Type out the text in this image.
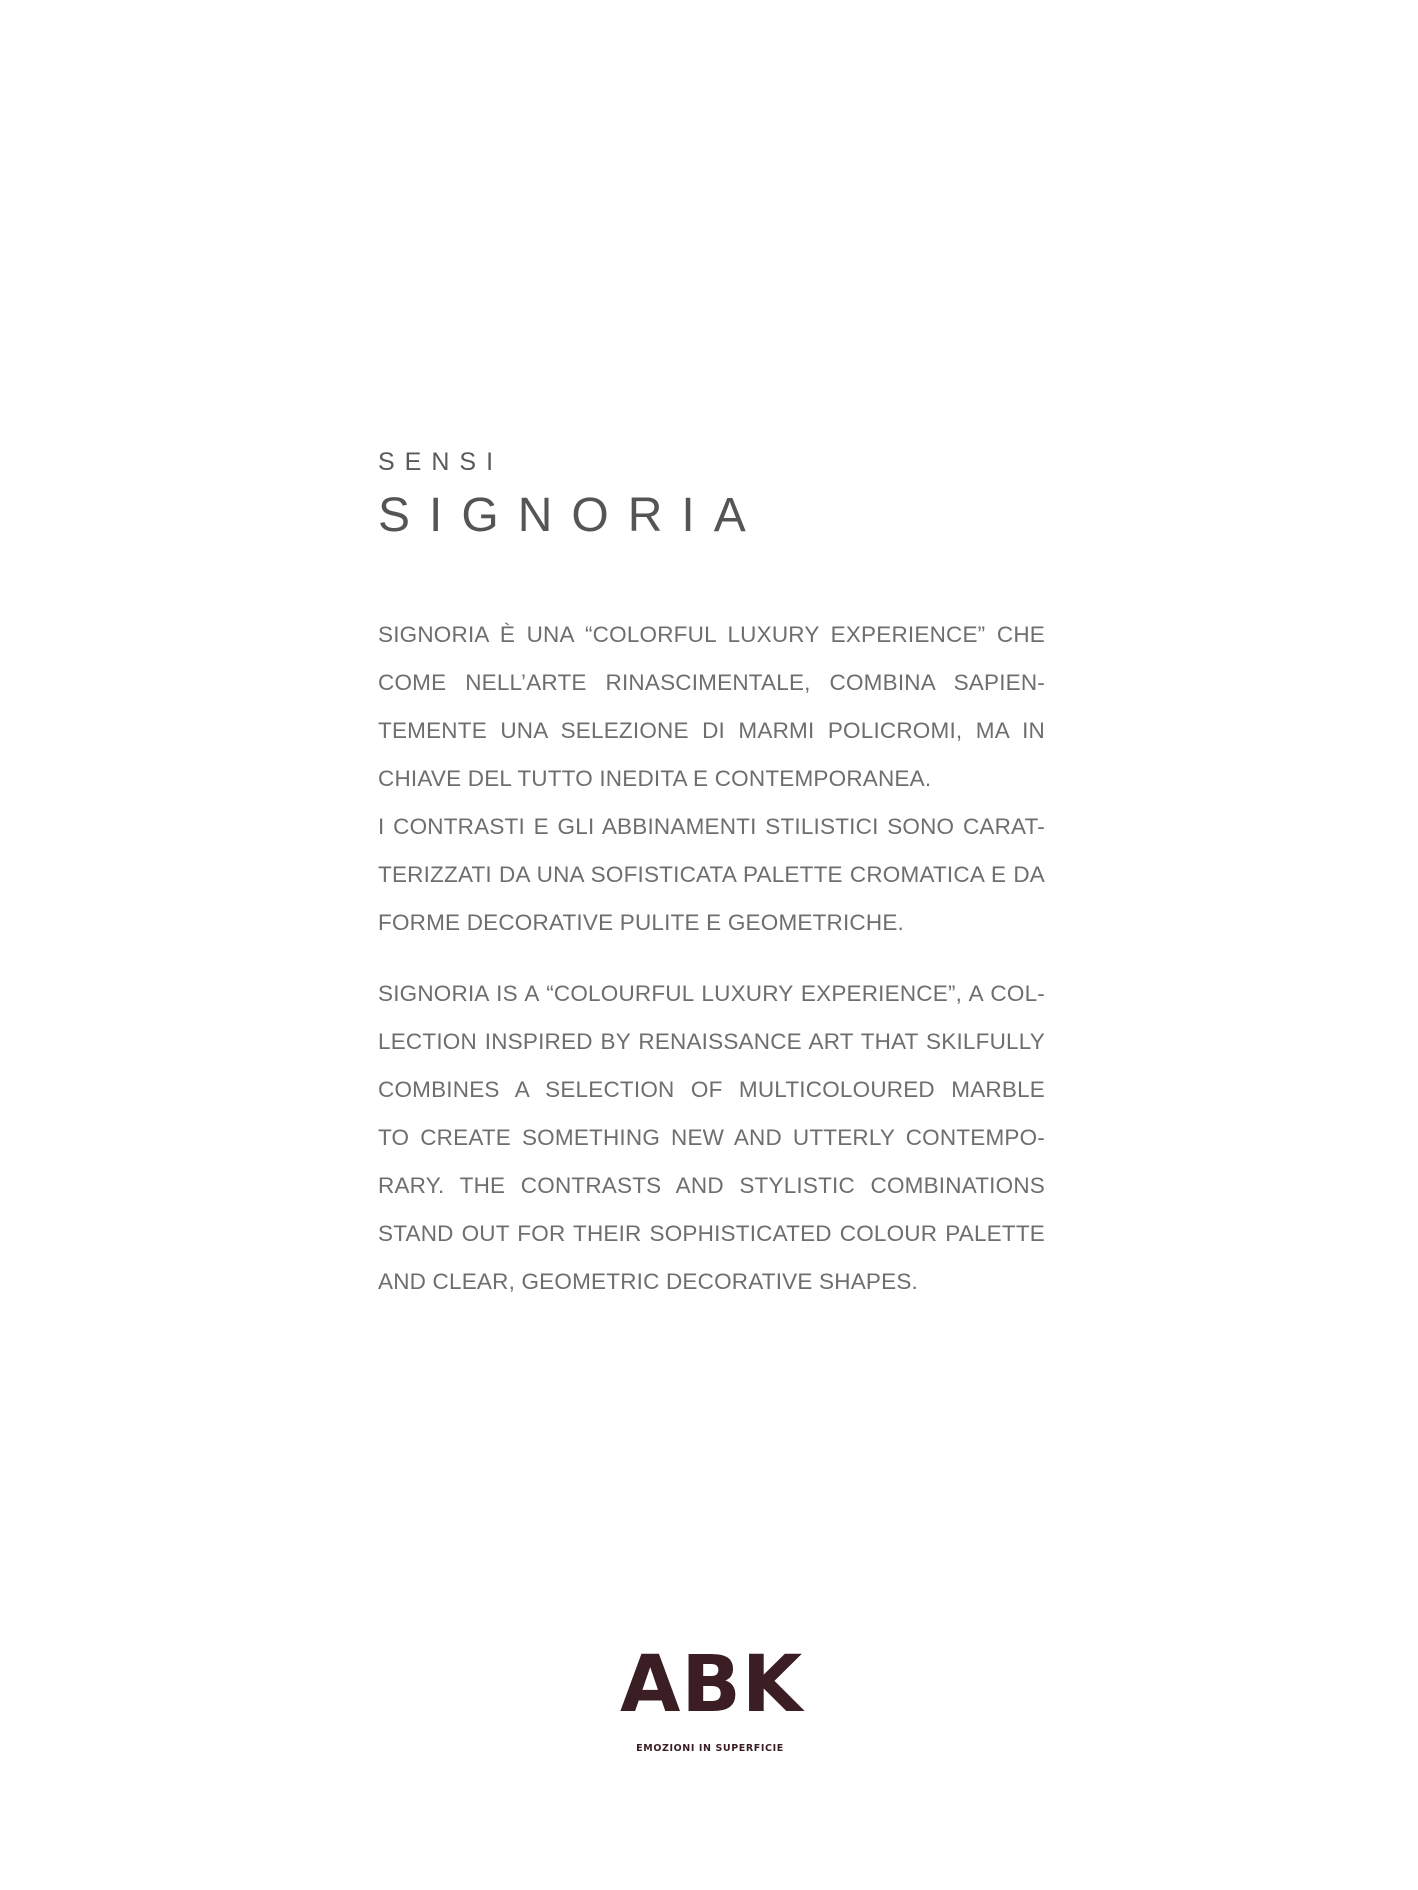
SENSI
SIGNORIA
SIGNORIA È UNA “COLORFUL LUXURY EXPERIENCE” CHE
COME NELL’ARTE RINASCIMENTALE, COMBINA SAPIEN-
TEMENTE UNA SELEZIONE DI MARMI POLICROMI, MA IN
CHIAVE DEL TUTTO INEDITA E CONTEMPORANEA.
I CONTRASTI E GLI ABBINAMENTI STILISTICI SONO CARAT-
TERIZZATI DA UNA SOFISTICATA PALETTE CROMATICA E DA
FORME DECORATIVE PULITE E GEOMETRICHE.
SIGNORIA IS A “COLOURFUL LUXURY EXPERIENCE”, A COL-
LECTION INSPIRED BY RENAISSANCE ART THAT SKILFULLY
COMBINES A SELECTION OF MULTICOLOURED MARBLE
TO CREATE SOMETHING NEW AND UTTERLY CONTEMPO-
RARY. THE CONTRASTS AND STYLISTIC COMBINATIONS
STAND OUT FOR THEIR SOPHISTICATED COLOUR PALETTE
AND CLEAR, GEOMETRIC DECORATIVE SHAPES.
ABK
EMOZIONI IN SUPERFICIE
